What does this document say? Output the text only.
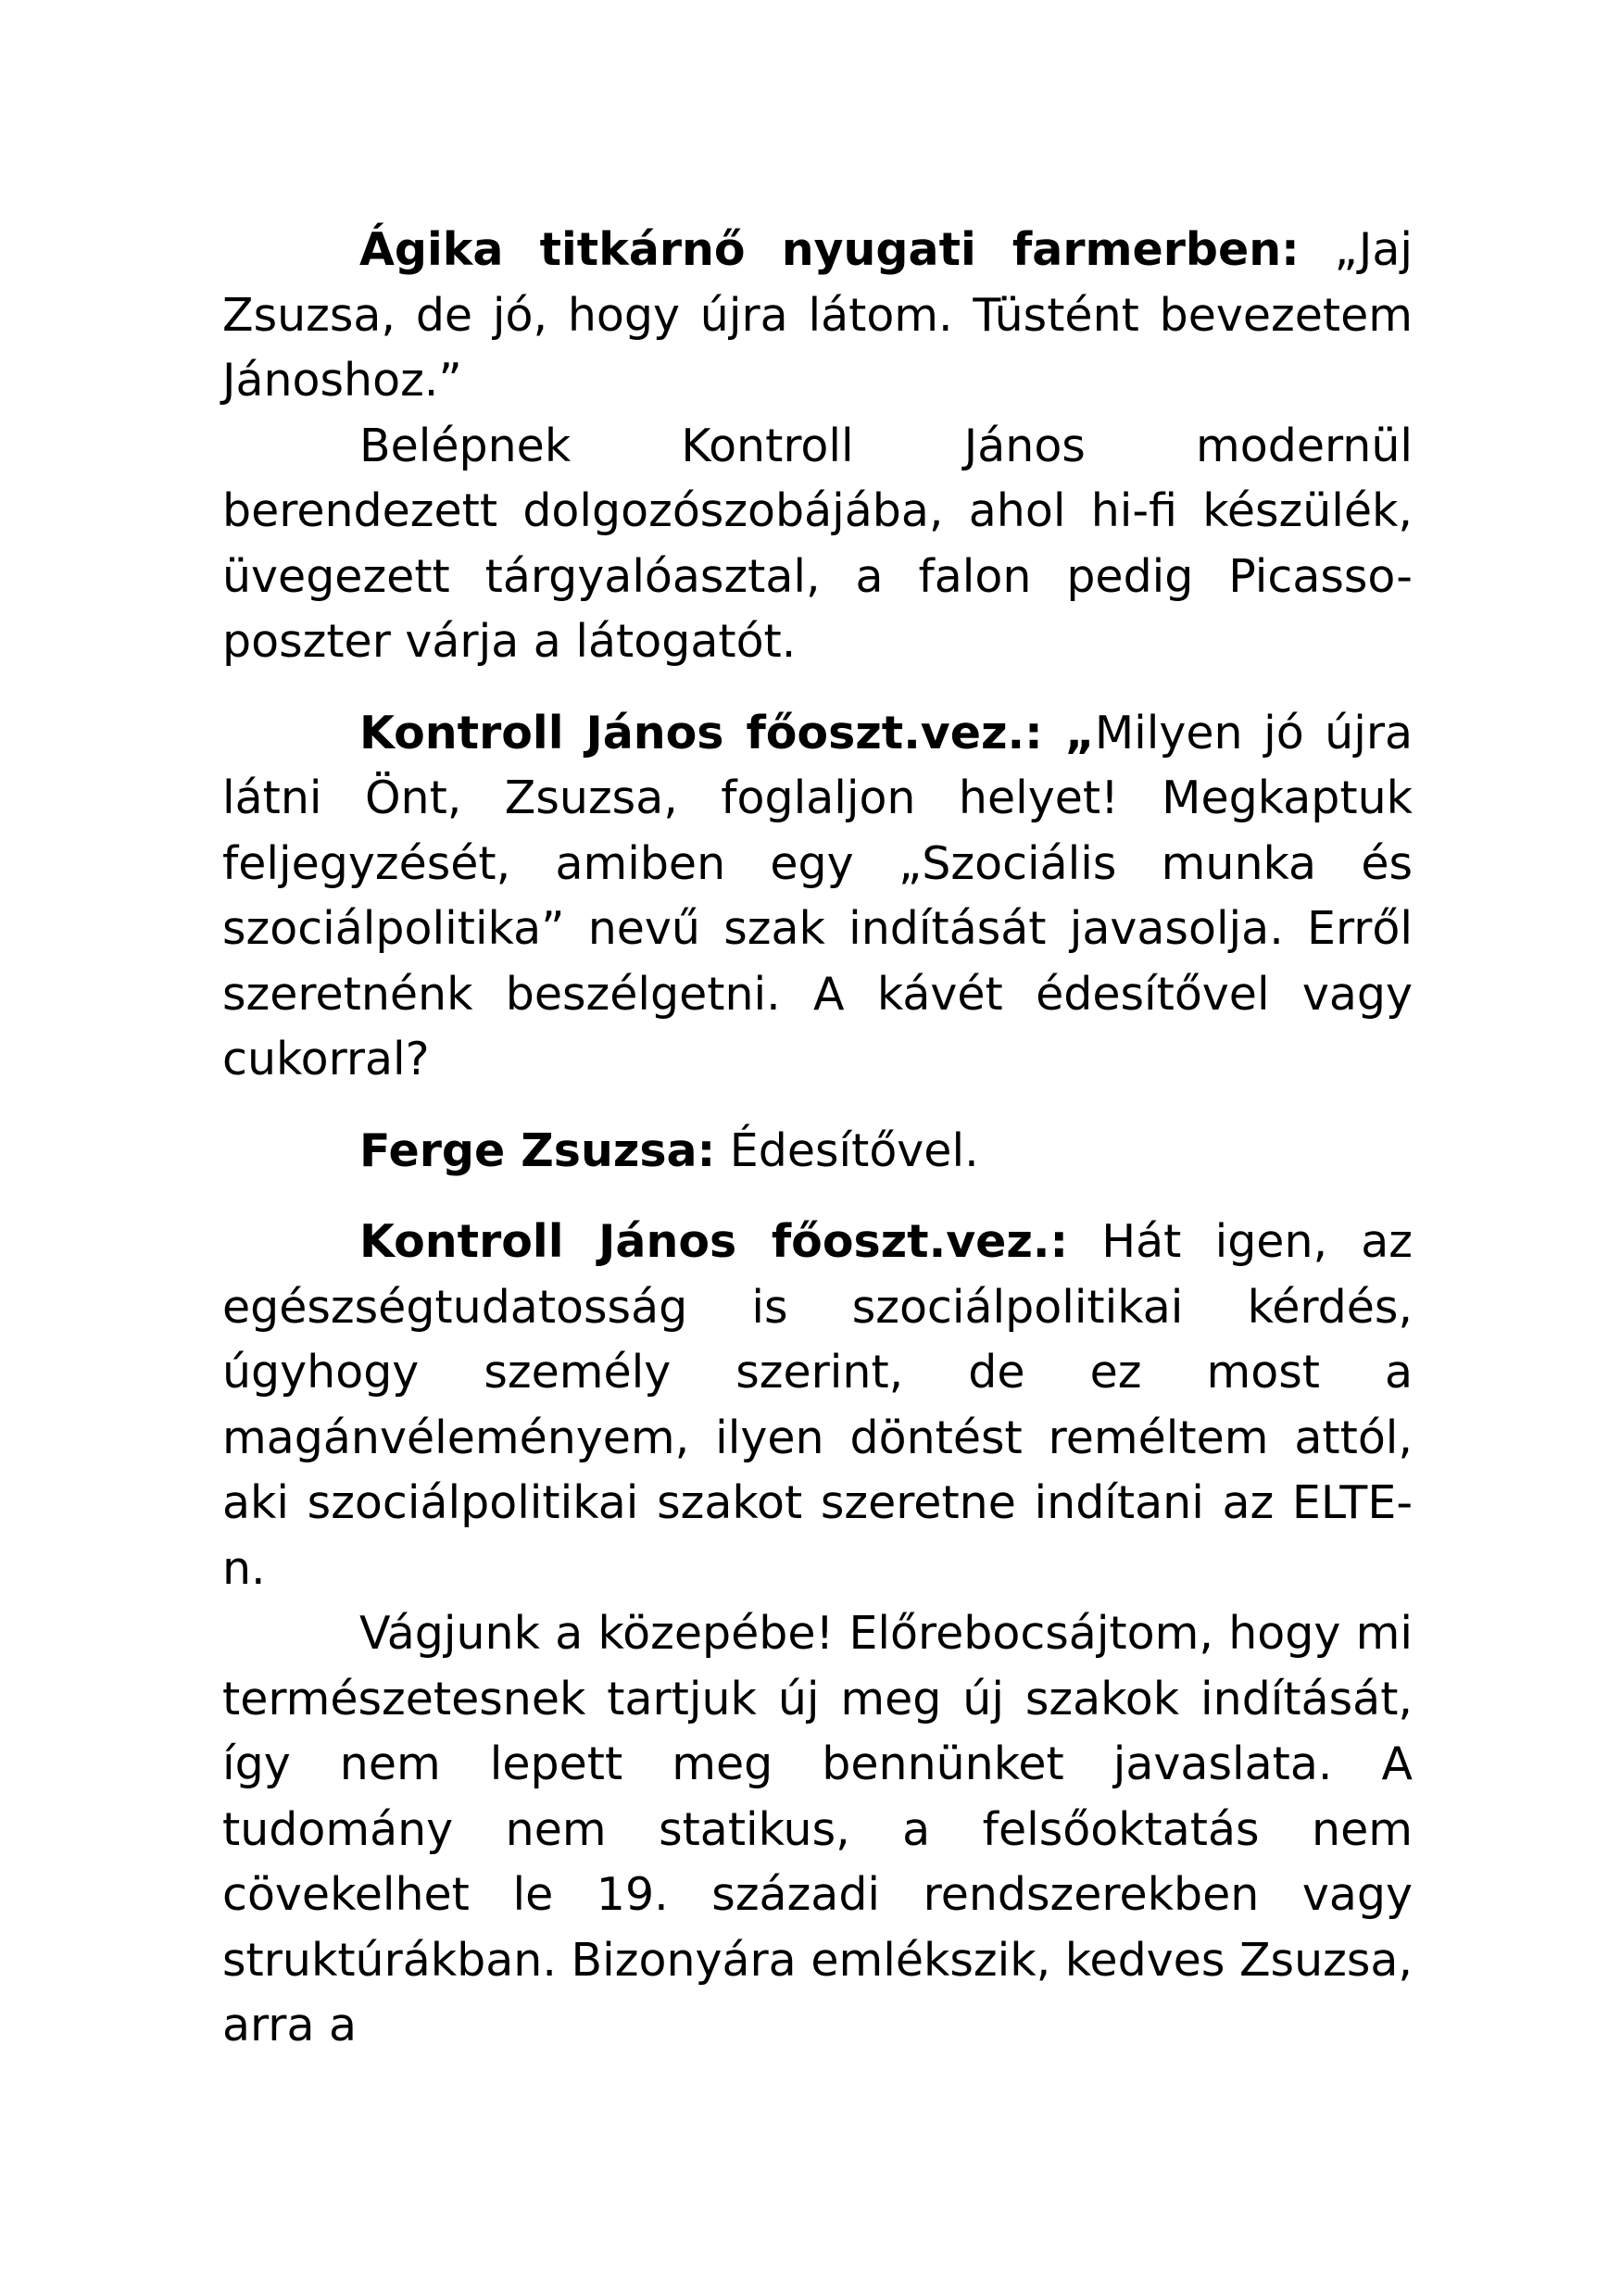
Ágika titkárnő nyugati farmerben: „Jaj Zsuzsa, de jó, hogy újra látom. Tüstént bevezetem Jánoshoz.”

Belépnek Kontroll János modernül berendezett dolgozószobájába, ahol hi-fi készülék, üvegezett tárgyalóasztal, a falon pedig Picasso-poszter várja a látogatót.

Kontroll János főoszt.vez.: „Milyen jó újra látni Önt, Zsuzsa, foglaljon helyet! Megkaptuk feljegyzését, amiben egy „Szociális munka és szociálpolitika” nevű szak indítását javasolja. Erről szeretnénk beszélgetni. A kávét édesítővel vagy cukorral?

Ferge Zsuzsa: Édesítővel.

Kontroll János főoszt.vez.: Hát igen, az egészségtudatosság is szociálpolitikai kérdés, úgyhogy személy szerint, de ez most a magánvéleményem, ilyen döntést reméltem attól, aki szociálpolitikai szakot szeretne indítani az ELTE-n.

Vágjunk a közepébe! Előrebocsájtom, hogy mi természetesnek tartjuk új meg új szakok indítását, így nem lepett meg bennünket javaslata. A tudomány nem statikus, a felsőoktatás nem cövekelhet le 19. századi rendszerekben vagy struktúrákban. Bizonyára emlékszik, kedves Zsuzsa, arra a
